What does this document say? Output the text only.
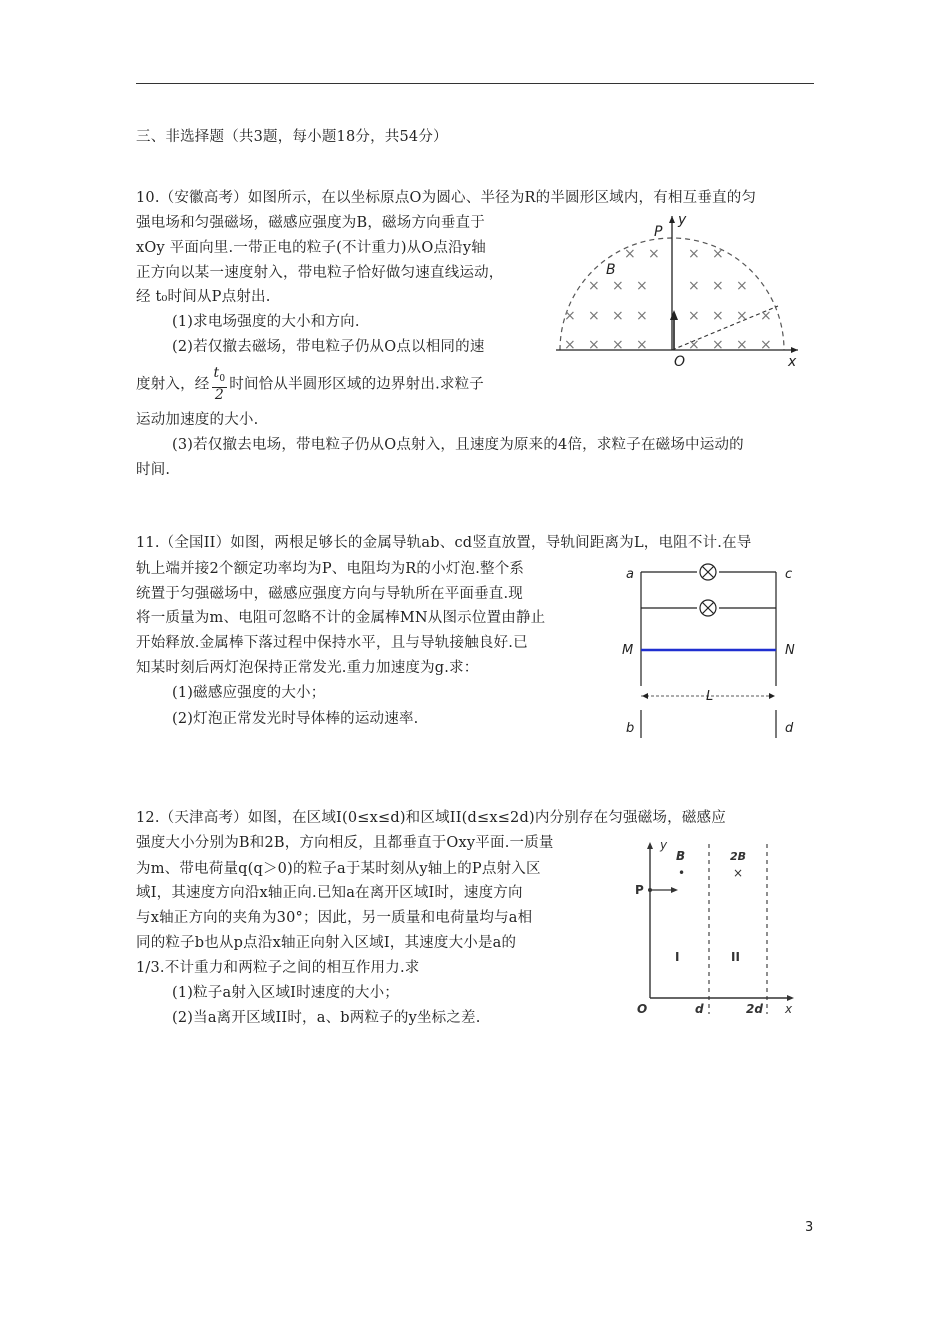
三、非选择题（共3题，每小题18分，共54分）
10.（安徽高考）如图所示，在以坐标原点O为圆心、半径为R的半圆形区域内，有相互垂直的匀
强电场和匀强磁场，磁感应强度为B，磁场方向垂直于
xOy 平面向里.一带正电的粒子(不计重力)从O点沿y轴
正方向以某一速度射入，带电粒子恰好做匀速直线运动，
经 t₀时间从P点射出.
(1)求电场强度的大小和方向.
(2)若仅撤去磁场，带电粒子仍从O点以相同的速
度射入，经 $\frac{t_0}{2}$ 时间恰从半圆形区域的边界射出.求粒子
运动加速度的大小.
(3)若仅撤去电场，带电粒子仍从O点射入，且速度为原来的4倍，求粒子在磁场中运动的
时间.
× × × ×
× × ×	× × ×
× × × ×	× × × ×
× × × ×	× × × ×
P
y
B
O	x
11.（全国II）如图，两根足够长的金属导轨ab、cd竖直放置，导轨间距离为L，电阻不计.在导
轨上端并接2个额定功率均为P、电阻均为R的小灯泡.整个系
统置于匀强磁场中，磁感应强度方向与导轨所在平面垂直.现
将一质量为m、电阻可忽略不计的金属棒MN从图示位置由静止
开始释放.金属棒下落过程中保持水平，且与导轨接触良好.已
知某时刻后两灯泡保持正常发光.重力加速度为g.求：
(1)磁感应强度的大小；
(2)灯泡正常发光时导体棒的运动速率.
a	c
M	N
L
b	d
12.（天津高考）如图，在区域I(0≤x≤d)和区域II(d≤x≤2d)内分别存在匀强磁场，磁感应
强度大小分别为B和2B，方向相反，且都垂直于Oxy平面.一质量
为m、带电荷量q(q＞0)的粒子a于某时刻从y轴上的P点射入区
域I，其速度方向沿x轴正向.已知a在离开区域I时，速度方向
与x轴正方向的夹角为30°；因此，另一质量和电荷量均与a相
同的粒子b也从p点沿x轴正向射入区域I，其速度大小是a的
1/3.不计重力和两粒子之间的相互作用力.求
(1)粒子a射入区域I时速度的大小；
(2)当a离开区域II时，a、b两粒子的y坐标之差.
y
B
•
2B
×
P
I	II
O	d	2d x
3
